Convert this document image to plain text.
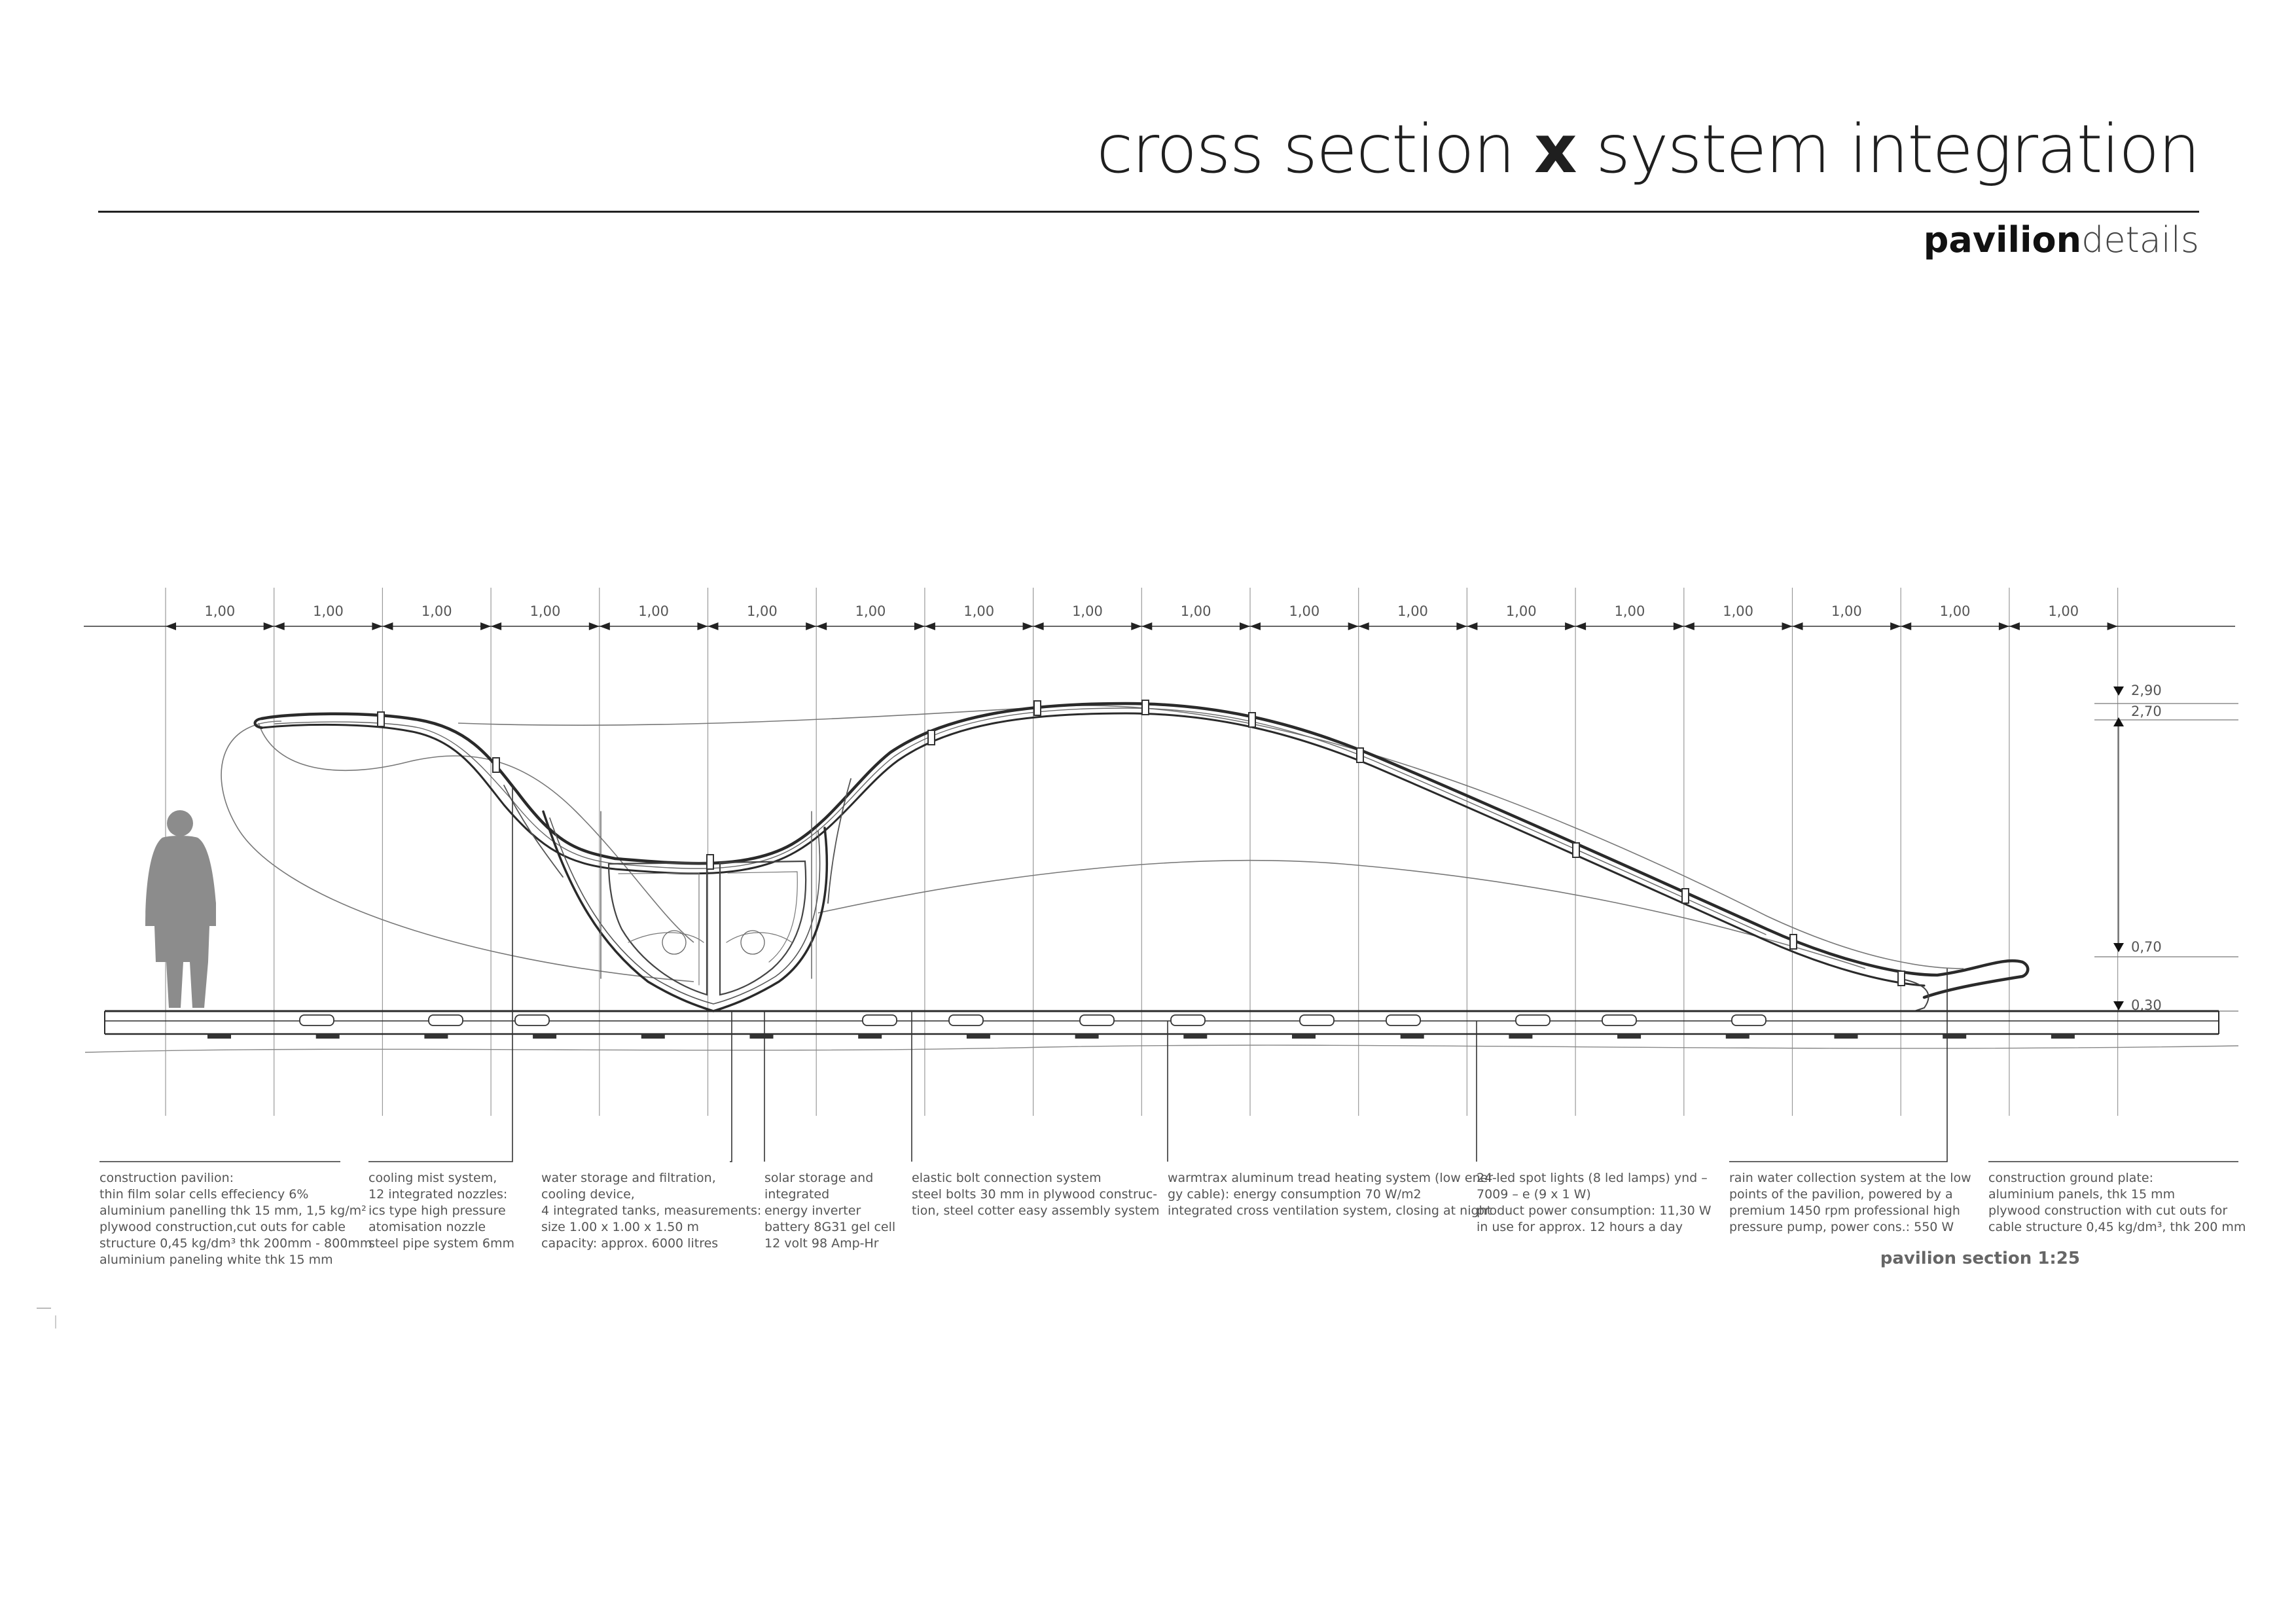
cross section x system integration
paviliondetails
1,00	1,00	1,00	1,00	1,00	1,00	1,00	1,00	1,00	1,00	1,00	1,00	1,00	1,00	1,00	1,00	1,00	1,00
2,90
2,70
0,70
0,30
construction pavilion:
thin film solar cells effeciency 6%
aluminium panelling thk 15 mm, 1,5 kg/m²
plywood construction,cut outs for cable
structure 0,45 kg/dm³ thk 200mm - 800mm
aluminium paneling white thk 15 mm
cooling mist system,
12 integrated nozzles:
ics type high pressure
atomisation nozzle
steel pipe system 6mm
water storage and filtration,
cooling device,
4 integrated tanks, measurements:
size 1.00 x 1.00 x 1.50 m
capacity: approx. 6000 litres
solar storage and
integrated
energy inverter
battery 8G31 gel cell
12 volt 98 Amp-Hr
elastic bolt connection system
steel bolts 30 mm in plywood construc-
tion, steel cotter easy assembly system
warmtrax aluminum tread heating system (low ener-
gy cable): energy consumption 70 W/m2
integrated cross ventilation system, closing at night
24 led spot lights (8 led lamps) ynd –
7009 – e (9 x 1 W)
product power consumption: 11,30 W
in use for approx. 12 hours a day
rain water collection system at the low
points of the pavilion, powered by a
premium 1450 rpm professional high
pressure pump, power cons.: 550 W
construction ground plate:
aluminium panels, thk 15 mm
plywood construction with cut outs for
cable structure 0,45 kg/dm³, thk 200 mm
pavilion section 1:25
